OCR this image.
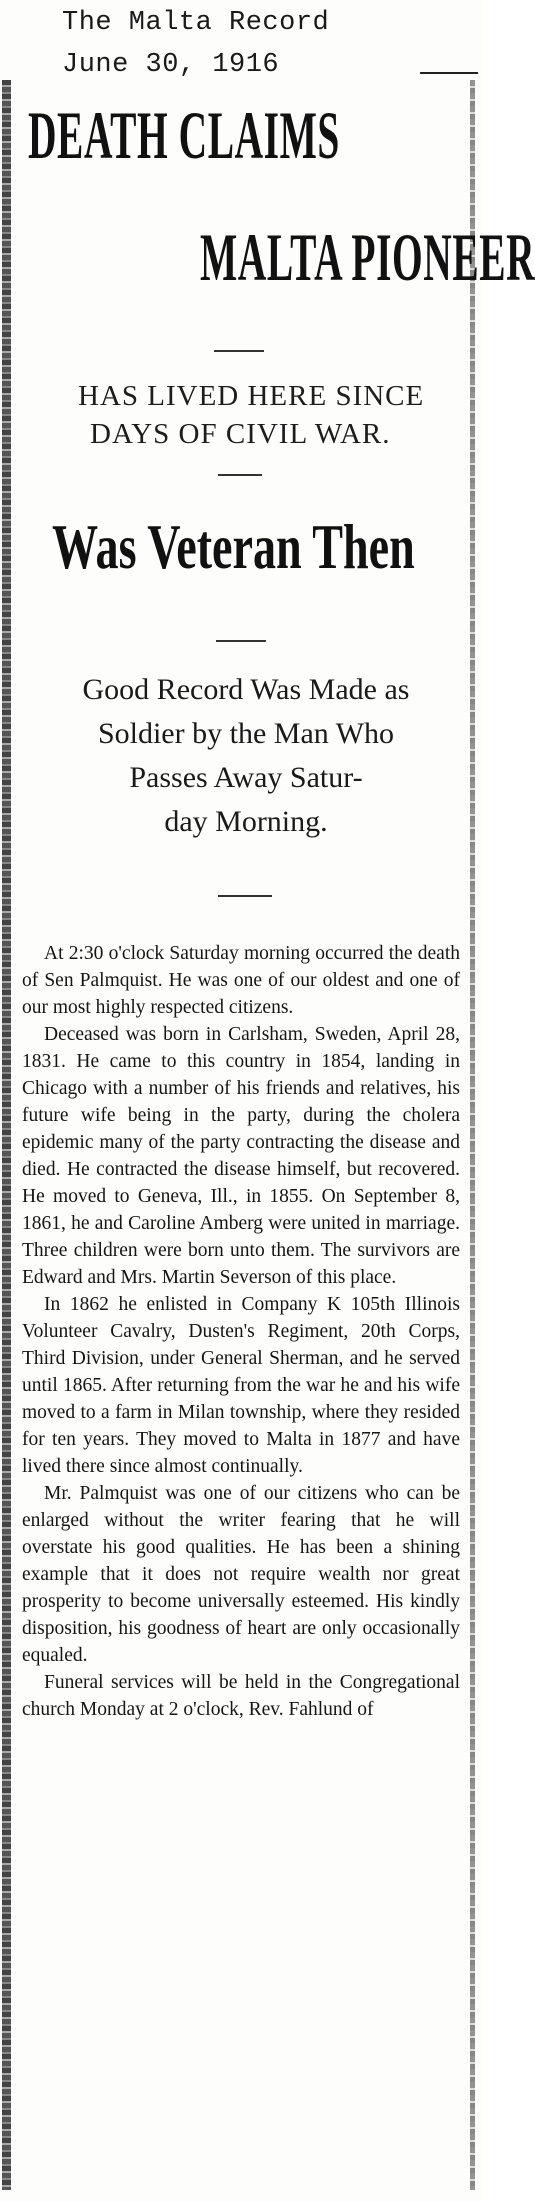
The Malta Record
June 30, 1916
DEATH CLAIMS
MALTA PIONEER
HAS LIVED HERE SINCE
DAYS OF CIVIL WAR.
Was Veteran Then
Good Record Was Made as
Soldier by the Man Who
Passes Away Satur-
day Morning.

At 2:30 o'clock Saturday morning occurred the death of Sen Palmquist. He was one of our oldest and one of our most highly respected citizens.

Deceased was born in Carlsham, Sweden, April 28, 1831. He came to this country in 1854, landing in Chicago with a number of his friends and relatives, his future wife being in the party, during the cholera epidemic many of the party contracting the disease and died. He contracted the disease himself, but recovered. He moved to Geneva, Ill., in 1855. On September 8, 1861, he and Caroline Amberg were united in marriage. Three children were born unto them. The survivors are Edward and Mrs. Martin Severson of this place.

In 1862 he enlisted in Company K 105th Illinois Volunteer Cavalry, Dusten's Regiment, 20th Corps, Third Division, under General Sherman, and he served until 1865. After returning from the war he and his wife moved to a farm in Milan township, where they resided for ten years. They moved to Malta in 1877 and have lived there since almost continually.

Mr. Palmquist was one of our citizens who can be enlarged without the writer fearing that he will overstate his good qualities. He has been a shining example that it does not require wealth nor great prosperity to become universally esteemed. His kindly disposition, his goodness of heart are only occasionally equaled.

Funeral services will be held in the Congregational church Monday at 2 o'clock, Rev. Fahlund of
